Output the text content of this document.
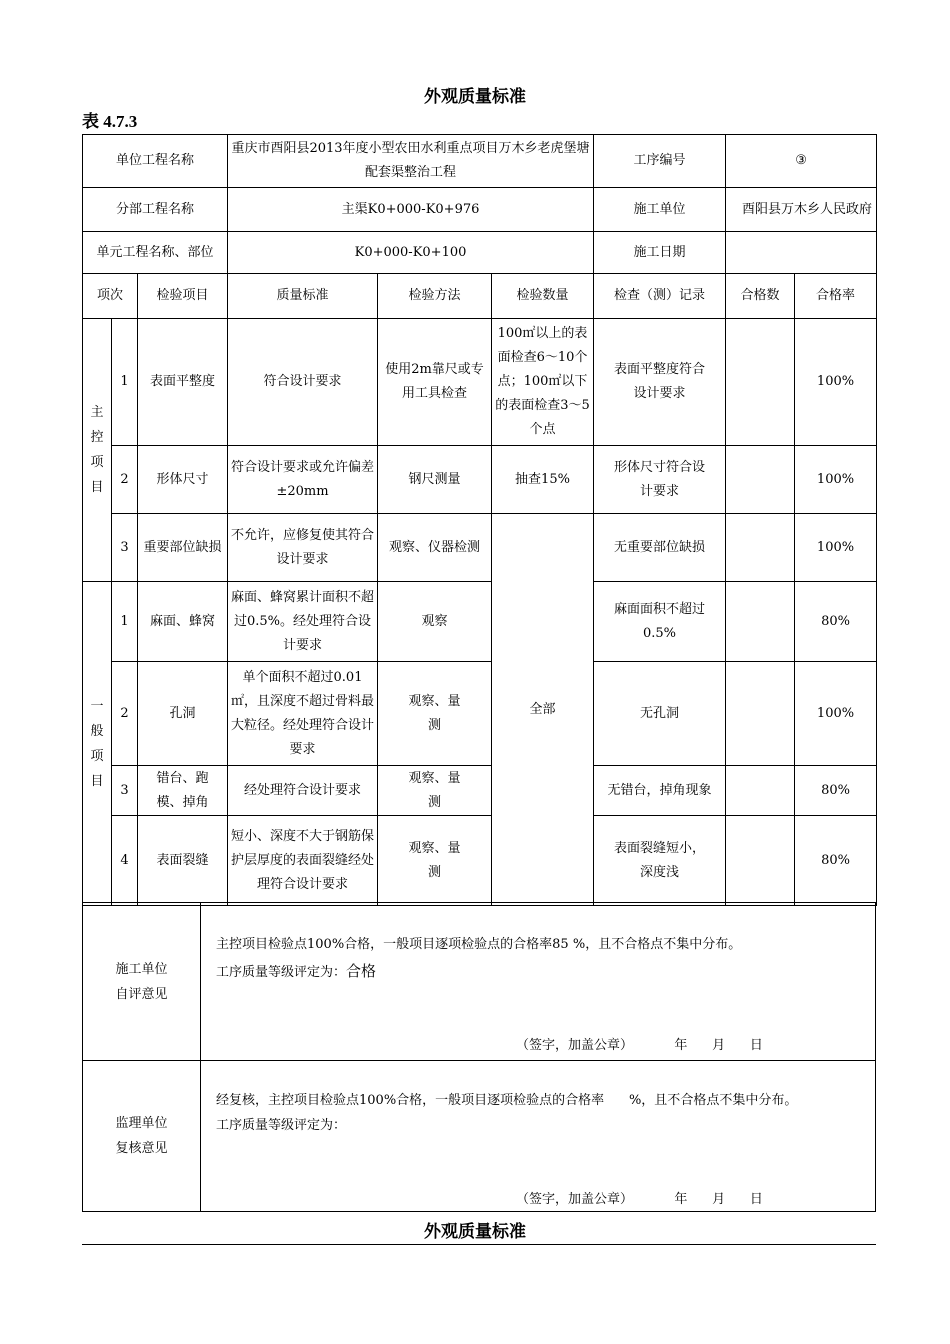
外观质量标准
表 4.7.3
单位工程名称			重庆市酉阳县2013年度小型农田水利重点项目万木乡老虎堡塘配套渠整治工程			工序编号	③	
分部工程名称			主渠K0+000-K0+976			施工单位	酉阳县万木乡人民政府	
单元工程名称、部位			K0+000-K0+100			施工日期		
项次		检验项目	质量标准	检验方法	检验数量	检查（测）记录	合格数	合格率
主控项目	1	表面平整度	符合设计要求	使用2m靠尺或专用工具检查	100㎡以上的表面检查6～10个点；100㎡以下的表面检查3～5个点	表面平整度符合设计要求		100%
	2	形体尺寸	符合设计要求或允许偏差±20mm	钢尺测量	抽查15%	形体尺寸符合设计要求		100%
	3	重要部位缺损	不允许，应修复使其符合设计要求	观察、仪器检测	全部	无重要部位缺损		100%
一般项目	1	麻面、蜂窝	麻面、蜂窝累计面积不超过0.5%。经处理符合设计要求	观察		麻面面积不超过0.5%		80%
	2	孔洞	单个面积不超过0.01㎡，且深度不超过骨料最大粒径。经处理符合设计要求	观察、量测		无孔洞		100%
	3	错台、跑模、掉角	经处理符合设计要求	观察、量测		无错台，掉角现象		80%
	4	表面裂缝	短小、深度不大于钢筋保护层厚度的表面裂缝经处理符合设计要求	观察、量测		表面裂缝短小，深度浅		80%
施工单位
自评意见
主控项目检验点100%合格，一般项目逐项检验点的合格率85 %，且不合格点不集中分布。
工序质量等级评定为：合格
（签字，加盖公章）          年      月      日
监理单位
复核意见
经复核，主控项目检验点100%合格，一般项目逐项检验点的合格率      %，且不合格点不集中分布。
工序质量等级评定为：
（签字，加盖公章）          年      月      日
外观质量标准
